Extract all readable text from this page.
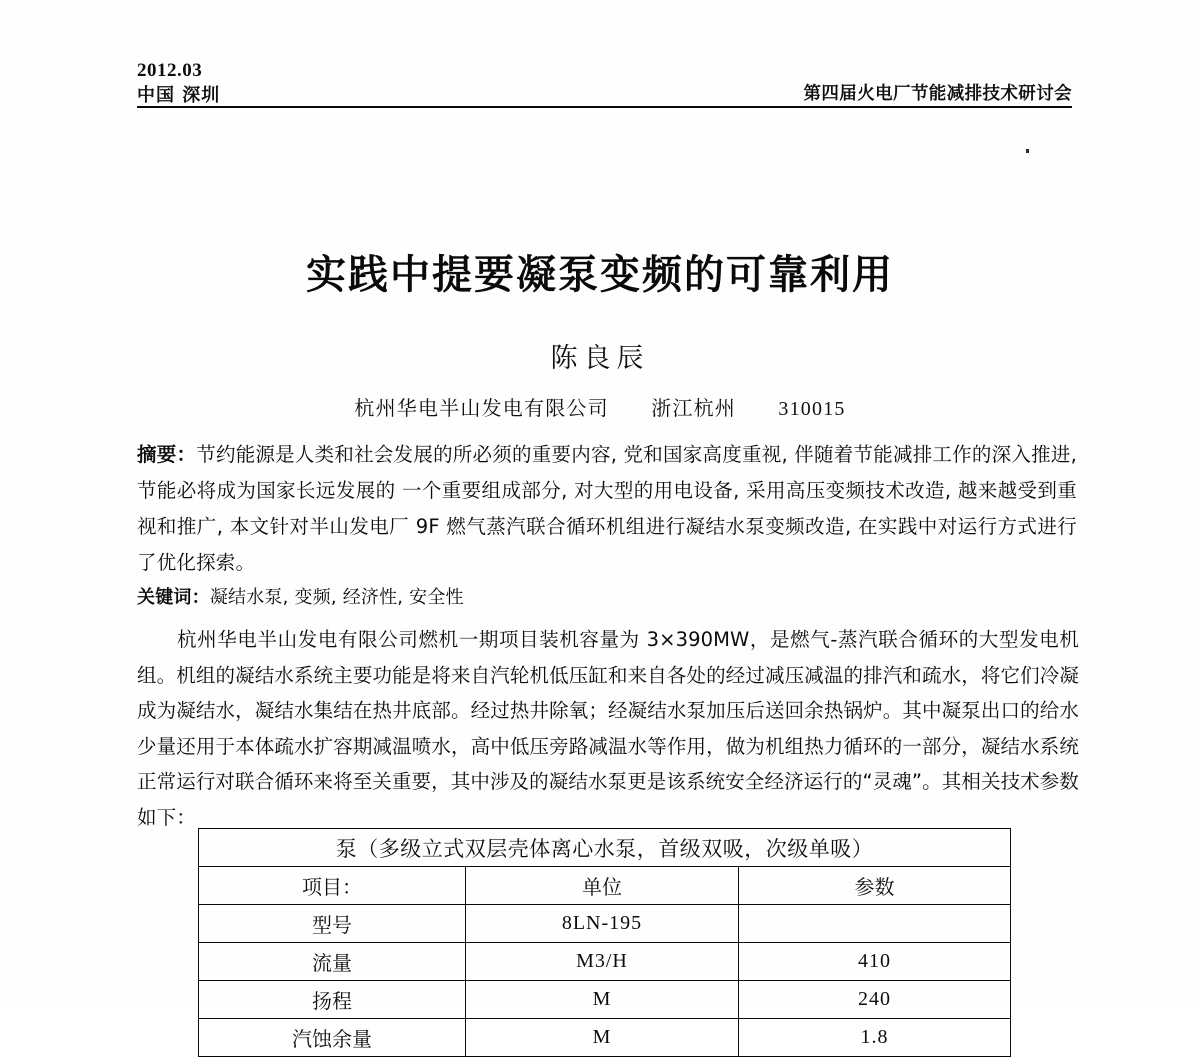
2012.03
中国 深圳	第四届火电厂节能减排技术研讨会
实践中提要凝泵变频的可靠利用
陈良辰
杭州华电半山发电有限公司　　浙江杭州　　310015
摘要：节约能源是人类和社会发展的所必须的重要内容, 党和国家高度重视, 伴随着节能减排工作的深入推进, 节能必将成为国家长远发展的 一个重要组成部分, 对大型的用电设备, 采用高压变频技术改造, 越来越受到重视和推广, 本文针对半山发电厂 9F 燃气蒸汽联合循环机组进行凝结水泵变频改造, 在实践中对运行方式进行了优化探索。
关键词：凝结水泵, 变频, 经济性, 安全性
杭州华电半山发电有限公司燃机一期项目装机容量为 3×390MW，是燃气-蒸汽联合循环的大型发电机组。机组的凝结水系统主要功能是将来自汽轮机低压缸和来自各处的经过减压减温的排汽和疏水，将它们冷凝成为凝结水，凝结水集结在热井底部。经过热井除氧；经凝结水泵加压后送回余热锅炉。其中凝泵出口的给水少量还用于本体疏水扩容期减温喷水，高中低压旁路减温水等作用，做为机组热力循环的一部分，凝结水系统正常运行对联合循环来将至关重要，其中涉及的凝结水泵更是该系统安全经济运行的“灵魂”。其相关技术参数如下：
泵（多级立式双层壳体离心水泵，首级双吸，次级单吸）		
项目：	单位	参数
型号	8LN-195	
流量	M3/H	410
扬程	M	240
汽蚀余量	M	1.8
